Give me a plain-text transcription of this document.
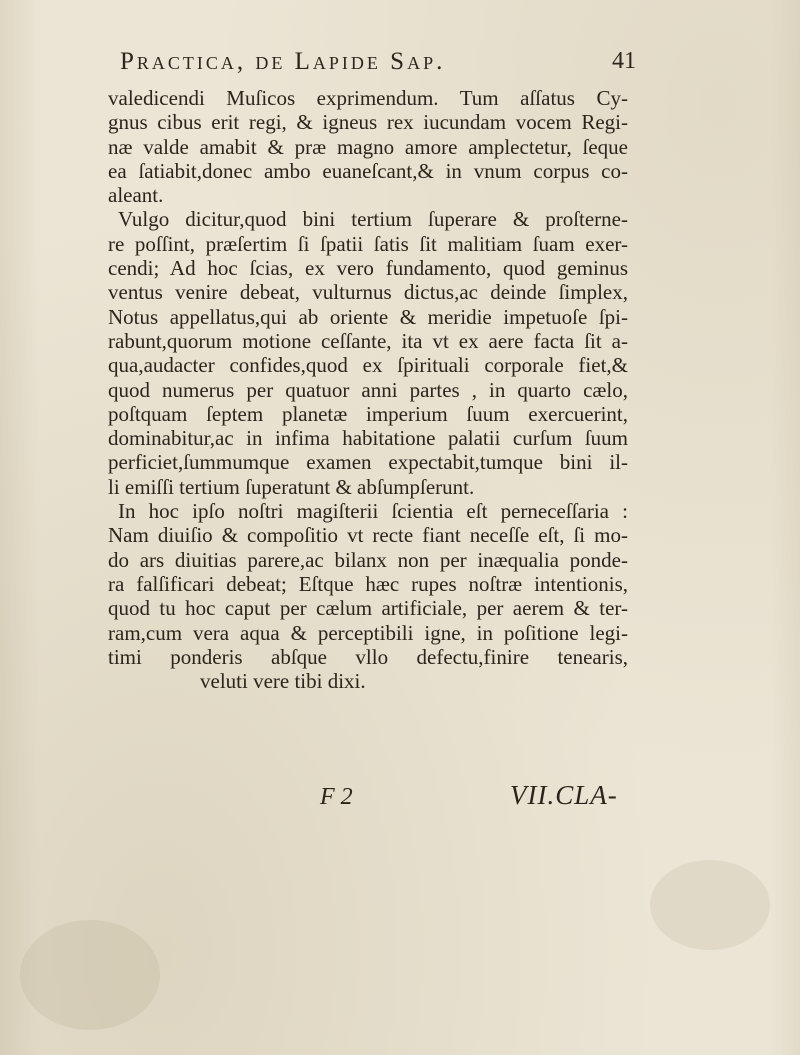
Practica, de Lapide Sap.	41
valedicendi Muſicos exprimendum. Tum aſſatus Cy-
gnus cibus erit regi, & igneus rex iucundam vocem Regi-
næ valde amabit & præ magno amore amplectetur, ſeque
ea ſatiabit,donec ambo euaneſcant,& in vnum corpus co-
aleant.
Vulgo dicitur,quod bini tertium ſuperare & proſterne-
re poſſint, præſertim ſi ſpatii ſatis ſit malitiam ſuam exer-
cendi; Ad hoc ſcias, ex vero fundamento, quod geminus
ventus venire debeat, vulturnus dictus,ac deinde ſimplex,
Notus appellatus,qui ab oriente & meridie impetuoſe ſpi-
rabunt,quorum motione ceſſante, ita vt ex aere facta ſit a-
qua,audacter confides,quod ex ſpirituali corporale fiet,&
quod numerus per quatuor anni partes , in quarto cælo,
poſtquam ſeptem planetæ imperium ſuum exercuerint,
dominabitur,ac in infima habitatione palatii curſum ſuum
perficiet,ſummumque examen expectabit,tumque bini il-
li emiſſi tertium ſuperatunt & abſumpſerunt.
In hoc ipſo noſtri magiſterii ſcientia eſt perneceſſaria :
Nam diuiſio & compoſitio vt recte fiant neceſſe eſt, ſi mo-
do ars diuitias parere,ac bilanx non per inæqualia ponde-
ra falſificari debeat; Eſtque hæc rupes noſtræ intentionis,
quod tu hoc caput per cælum artificiale, per aerem & ter-
ram,cum vera aqua & perceptibili igne, in poſitione legi-
timi ponderis abſque vllo defectu,finire tenearis,
veluti vere tibi dixi.
F 2	VII.CLA-
